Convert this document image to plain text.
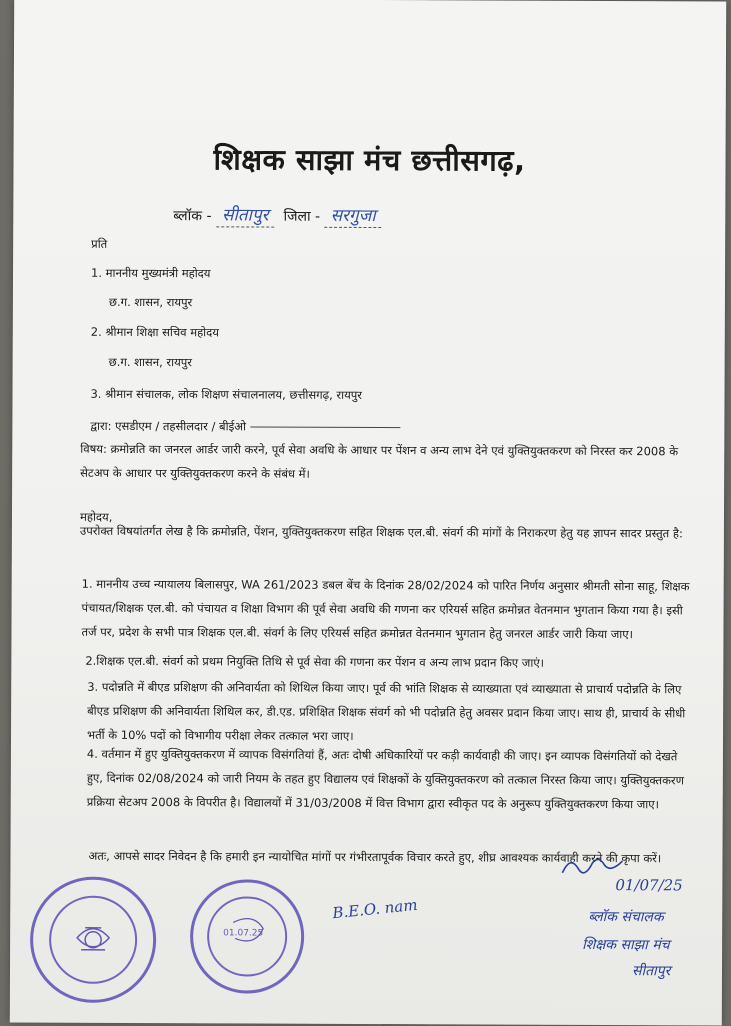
शिक्षक साझा मंच छत्तीसगढ़,
ब्लॉक - सीतापुर जिला - सरगुजा
प्रति
1. माननीय मुख्यमंत्री महोदय
छ.ग. शासन, रायपुर
2. श्रीमान शिक्षा सचिव महोदय
छ.ग. शासन, रायपुर
3. श्रीमान संचालक, लोक शिक्षण संचालनालय, छत्तीसगढ़, रायपुर
द्वारा: एसडीएम / तहसीलदार / बीईओ
विषय: क्रमोन्नति का जनरल आर्डर जारी करने, पूर्व सेवा अवधि के आधार पर पेंशन व अन्य लाभ देने एवं युक्तियुक्तकरण को निरस्त कर 2008 के सेटअप के आधार पर युक्तियुक्तकरण करने के संबंध में।
महोदय,
उपरोक्त विषयांतर्गत लेख है कि क्रमोन्नति, पेंशन, युक्तियुक्तकरण सहित शिक्षक एल.बी. संवर्ग की मांगों के निराकरण हेतु यह ज्ञापन सादर प्रस्तुत है:
1. माननीय उच्च न्यायालय बिलासपुर, WA 261/2023 डबल बेंच के दिनांक 28/02/2024 को पारित निर्णय अनुसार श्रीमती सोना साहू, शिक्षक पंचायत/शिक्षक एल.बी. को पंचायत व शिक्षा विभाग की पूर्व सेवा अवधि की गणना कर एरियर्स सहित क्रमोन्नत वेतनमान भुगतान किया गया है। इसी तर्ज पर, प्रदेश के सभी पात्र शिक्षक एल.बी. संवर्ग के लिए एरियर्स सहित क्रमोन्नत वेतनमान भुगतान हेतु जनरल आर्डर जारी किया जाए।
2.शिक्षक एल.बी. संवर्ग को प्रथम नियुक्ति तिथि से पूर्व सेवा की गणना कर पेंशन व अन्य लाभ प्रदान किए जाएं।
3. पदोन्नति में बीएड प्रशिक्षण की अनिवार्यता को शिथिल किया जाए। पूर्व की भांति शिक्षक से व्याख्याता एवं व्याख्याता से प्राचार्य पदोन्नति के लिए बीएड प्रशिक्षण की अनिवार्यता शिथिल कर, डी.एड. प्रशिक्षित शिक्षक संवर्ग को भी पदोन्नति हेतु अवसर प्रदान किया जाए। साथ ही, प्राचार्य के सीधी भर्ती के 10% पदों को विभागीय परीक्षा लेकर तत्काल भरा जाए।
4. वर्तमान में हुए युक्तियुक्तकरण में व्यापक विसंगतियां हैं, अतः दोषी अधिकारियों पर कड़ी कार्यवाही की जाए। इन व्यापक विसंगतियों को देखते हुए, दिनांक 02/08/2024 को जारी नियम के तहत हुए विद्यालय एवं शिक्षकों के युक्तियुक्तकरण को तत्काल निरस्त किया जाए। युक्तियुक्तकरण प्रक्रिया सेटअप 2008 के विपरीत है। विद्यालयों में 31/03/2008 में वित्त विभाग द्वारा स्वीकृत पद के अनुरूप युक्तियुक्तकरण किया जाए।
अतः, आपसे सादर निवेदन है कि हमारी इन न्यायोचित मांगों पर गंभीरतापूर्वक विचार करते हुए, शीघ्र आवश्यक कार्यवाही करने की कृपा करें।
01.07.25
B.E.O. nam
01/07/25
ब्लॉक संचालक
शिक्षक साझा मंच
सीतापुर
